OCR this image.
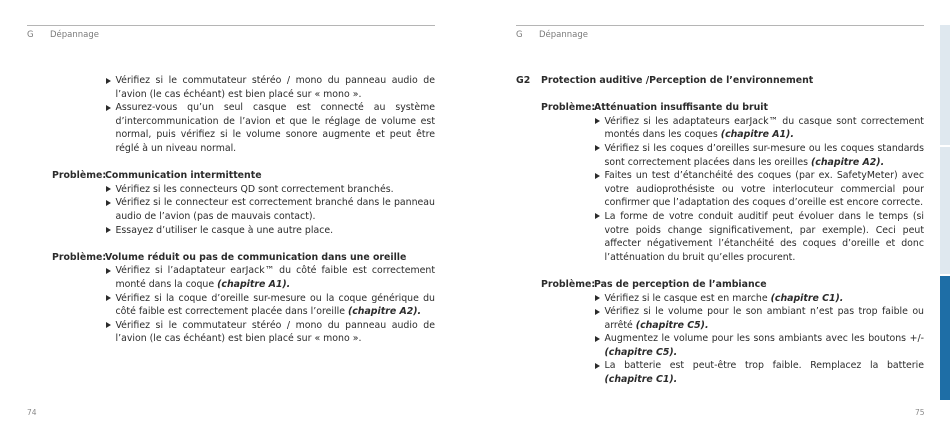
G Dépannage
Vérifiez si le commutateur stéréo / mono du panneau audio de l’avion (le cas échéant) est bien placé sur « mono ».
Assurez-vous qu’un seul casque est connecté au système d’intercommunication de l’avion et que le réglage de volume est normal, puis vérifiez si le volume sonore augmente et peut être réglé à un niveau normal.
Problème:
Communication intermittente
Vérifiez si les connecteurs QD sont correctement branchés.
Vérifiez si le connecteur est correctement branché dans le panneau audio de l’avion (pas de mauvais contact).
Essayez d’utiliser le casque à une autre place.
Problème:
Volume réduit ou pas de communication dans une oreille
Vérifiez si l’adaptateur earJack™ du côté faible est correctement monté dans la coque (chapitre A1).
Vérifiez si la coque d’oreille sur-mesure ou la coque générique du côté faible est correctement placée dans l’oreille (chapitre A2).
Vérifiez si le commutateur stéréo / mono du panneau audio de l’avion (le cas échéant) est bien placé sur « mono ».
74
G Dépannage
G2	Protection auditive /Perception de l’environnement
Problème:
Atténuation insuffisante du bruit
Vérifiez si les adaptateurs earJack™ du casque sont correctement montés dans les coques (chapitre A1).
Vérifiez si les coques d’oreilles sur-mesure ou les coques standards sont correctement placées dans les oreilles (chapitre A2).
Faites un test d’étanchéité des coques (par ex. SafetyMeter) avec votre audioprothésiste ou votre interlocuteur commercial pour confirmer que l’adaptation des coques d’oreille est encore correcte.
La forme de votre conduit auditif peut évoluer dans le temps (si votre poids change significativement, par exemple). Ceci peut affecter négativement l’étanchéité des coques d’oreille et donc l’atténuation du bruit qu’elles procurent.
Problème:
Pas de perception de l’ambiance
Vérifiez si le casque est en marche (chapitre C1).
Vérifiez si le volume pour le son ambiant n’est pas trop faible ou arrêté (chapitre C5).
Augmentez le volume pour les sons ambiants avec les boutons +/- (chapitre C5).
La batterie est peut-être trop faible. Remplacez la batterie (chapitre C1).
75
